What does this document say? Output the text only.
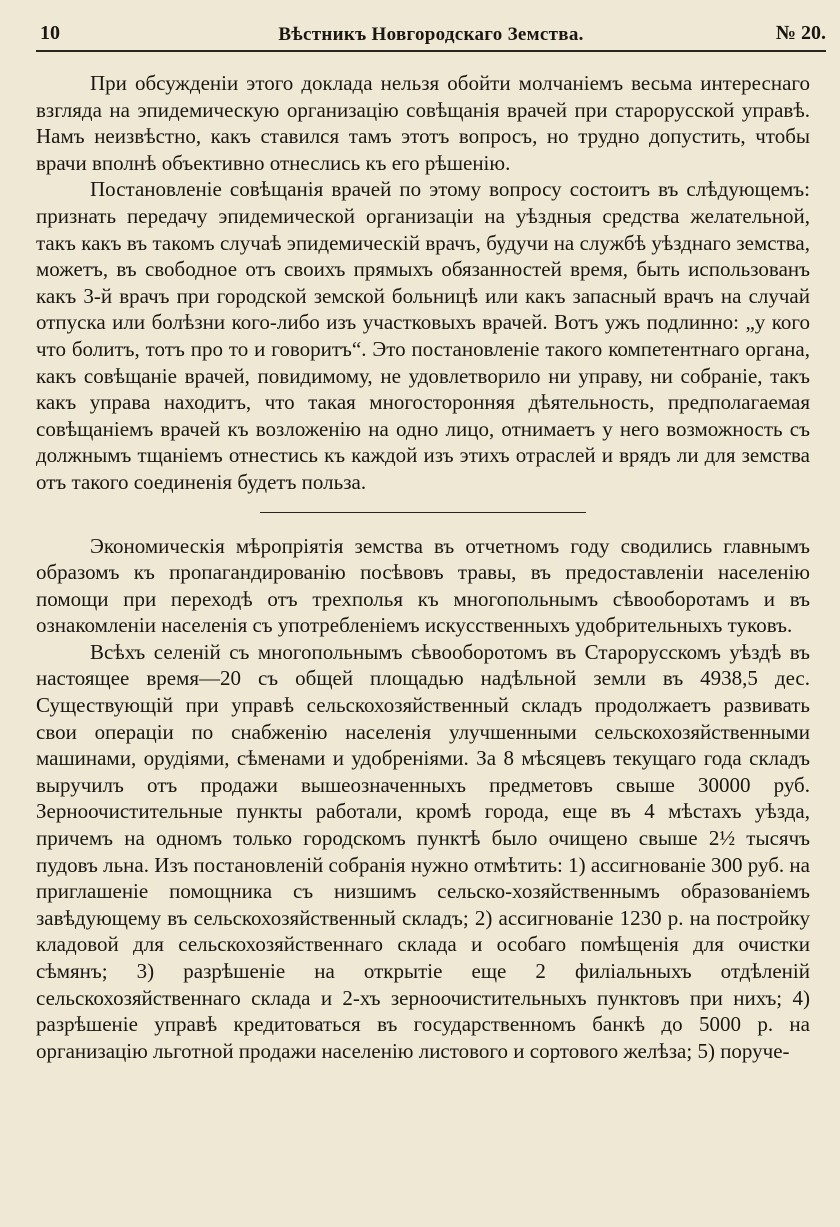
10	Вѣстникъ Новгородскаго Земства.	№ 20.

При обсужденіи этого доклада нельзя обойти молчаніемъ весьма интереснаго взгляда на эпидемическую организацію совѣщанія врачей при старорусской управѣ. Намъ неизвѣстно, какъ ставился тамъ этотъ вопросъ, но трудно допустить, чтобы врачи вполнѣ объективно отнеслись къ его рѣшенію.

Постановленіе совѣщанія врачей по этому вопросу состоитъ въ слѣдующемъ: признать передачу эпидемической организаціи на уѣздныя средства желательной, такъ какъ въ такомъ случаѣ эпидемическій врачъ, будучи на службѣ уѣзднаго земства, можетъ, въ свободное отъ своихъ прямыхъ обязанностей время, быть использованъ какъ 3-й врачъ при городской земской больницѣ или какъ запасный врачъ на случай отпуска или болѣзни кого-либо изъ участковыхъ врачей. Вотъ ужъ подлинно: „у кого что болитъ, тотъ про то и говоритъ“. Это постановленіе такого компетентнаго органа, какъ совѣщаніе врачей, повидимому, не удовлетворило ни управу, ни собраніе, такъ какъ управа находитъ, что такая многосторонняя дѣятельность, предполагаемая совѣщаніемъ врачей къ возложенію на одно лицо, отнимаетъ у него возможность съ должнымъ тщаніемъ отнестись къ каждой изъ этихъ отраслей и врядъ ли для земства отъ такого соединенія будетъ польза.

Экономическія мѣропріятія земства въ отчетномъ году сводились главнымъ образомъ къ пропагандированію посѣвовъ травы, въ предоставленіи населенію помощи при переходѣ отъ трехполья къ многопольнымъ сѣвооборотамъ и въ ознакомленіи населенія съ употребленіемъ искусственныхъ удобрительныхъ туковъ.

Всѣхъ селеній съ многопольнымъ сѣвооборотомъ въ Старорусскомъ уѣздѣ въ настоящее время—20 съ общей площадью надѣльной земли въ 4938,5 дес. Существующій при управѣ сельскохозяйственный складъ продолжаетъ развивать свои операціи по снабженію населенія улучшенными сельскохозяйственными машинами, орудіями, сѣменами и удобреніями. За 8 мѣсяцевъ текущаго года складъ выручилъ отъ продажи вышеозначенныхъ предметовъ свыше 30000 руб. Зерноочистительные пункты работали, кромѣ города, еще въ 4 мѣстахъ уѣзда, причемъ на одномъ только городскомъ пунктѣ было очищено свыше 2½ тысячъ пудовъ льна. Изъ постановленій собранія нужно отмѣтить: 1) ассигнованіе 300 руб. на приглашеніе помощника съ низшимъ сельско-хозяйственнымъ образованіемъ завѣдующему въ сельскохозяйственный складъ; 2) ассигнованіе 1230 р. на постройку кладовой для сельскохозяйственнаго склада и особаго помѣщенія для очистки сѣмянъ; 3) разрѣшеніе на открытіе еще 2 филіальныхъ отдѣленій сельскохозяйственнаго склада и 2-хъ зерноочистительныхъ пунктовъ при нихъ; 4) разрѣшеніе управѣ кредитоваться въ государственномъ банкѣ до 5000 р. на организацію льготной продажи населенію листового и сортового желѣза; 5) поруче-
